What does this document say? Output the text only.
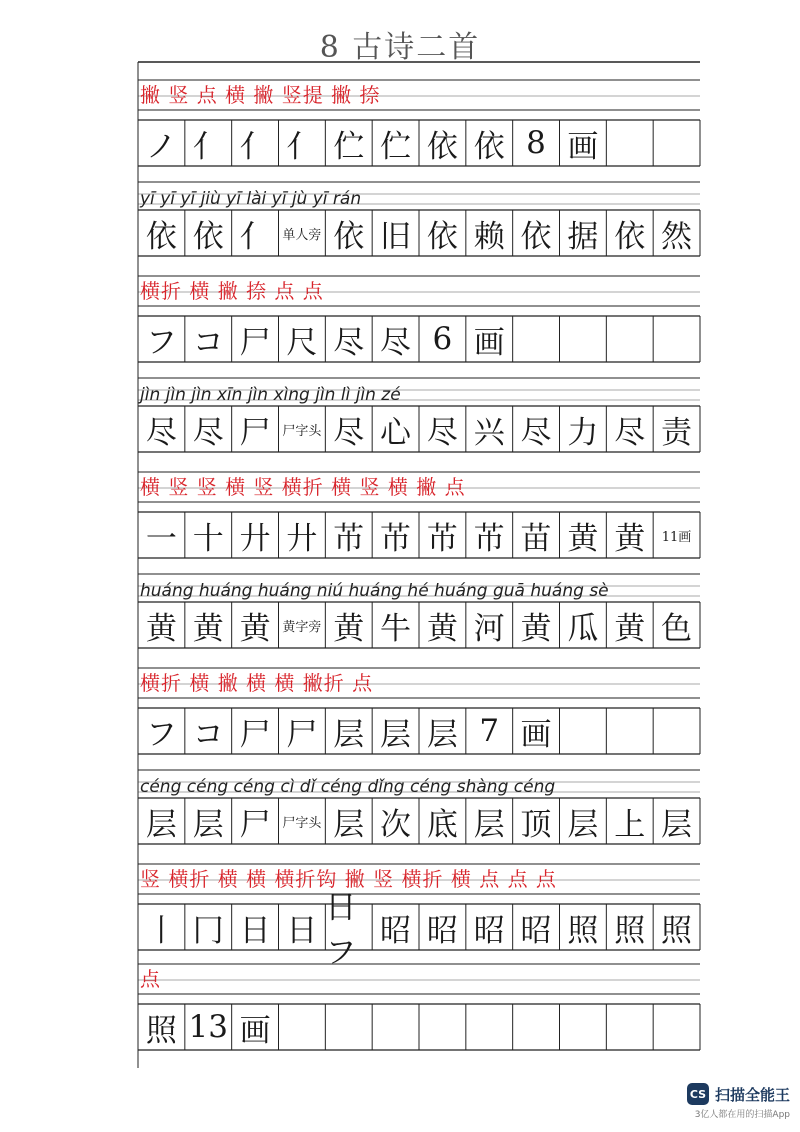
8 古诗二首
撇 竖 点 横 撇 竖提 撇 捺
ノ 亻 亻 亻 伫 伫 依 依 8 画
yī yī yī jiù yī lài yī jù yī rán
依 依 亻 单人旁 依 旧 依 赖 依 据 依 然
横折 横 撇 捺 点 点
フ コ 尸 尺 尽 尽 6 画
jìn jìn jìn xīn jìn xìng jìn lì jìn zé
尽 尽 尸 尸字头 尽 心 尽 兴 尽 力 尽 责
横 竖 竖 横 竖 横折 横 竖 横 撇 点
一 十 廾 廾 芇 芇 芇 芇 苗 黄 黄	11画
huáng huáng huáng niú huáng hé huáng guā huáng sè
黄 黄 黄 黄字旁 黄 牛 黄 河 黄 瓜 黄 色
横折 横 撇 横 横 撇折 点
フ コ 尸 尸 层 层 层 7 画
céng céng céng cì dǐ céng dǐng céng shàng céng
层 层 尸 尸字头 层 次 底 层 顶 层 上 层
竖 横折 横 横 横折钩 撇 竖 横折 横 点 点 点
丨 冂 日 日
日フ
昭 昭 昭 昭 照 照 照
点
照 13 画
CS 扫描全能王
3亿人都在用的扫描App
